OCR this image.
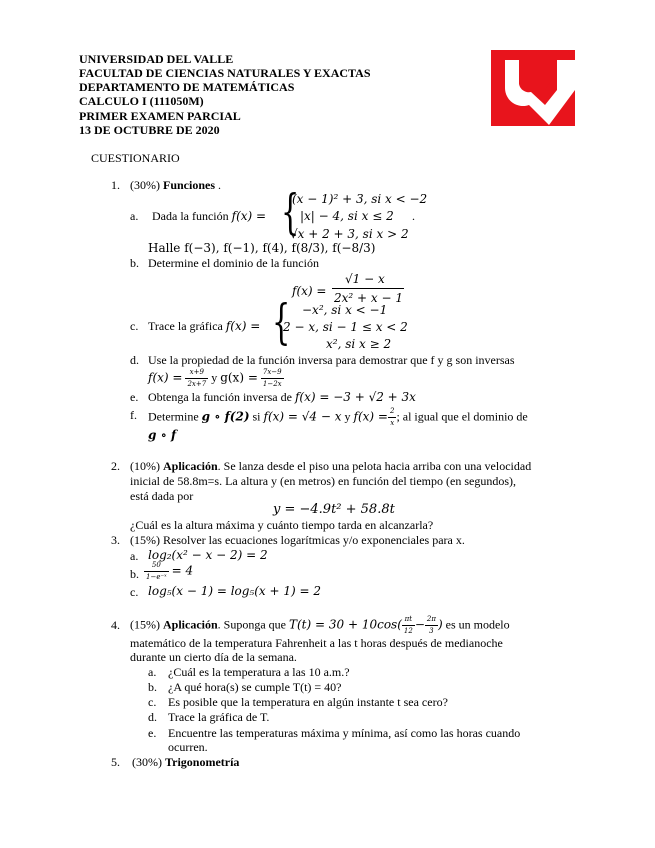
UNIVERSIDAD DEL VALLE
FACULTAD DE CIENCIAS NATURALES Y EXACTAS
DEPARTAMENTO DE MATEMÁTICAS
CALCULO I (111050M)
PRIMER EXAMEN PARCIAL
13 DE OCTUBRE DE 2020
CUESTIONARIO
1. (30%) Funciones .
a. Dada la función f(x) = {
(x − 1)² + 3, si x < −2
|x| − 4, si x ≤ 2
√x + 2 + 3, si x > 2
.
Halle f(−3), f(−1), f(4), f(8/3), f(−8/3)
b. Determine el dominio de la función
f(x) =
√1 − x
2x² + x − 1
c. Trace la gráfica f(x) = { −x², si x < −1
2 − x, si − 1 ≤ x < 2
x², si x ≥ 2
d. Use la propiedad de la función inversa para demostrar que f y g son inversas
$f(x) = \frac{x+9}{2x+7}$ y $g(x) = \frac{7x-9}{1-2x}$
e. Obtenga la función inversa de f(x) = −3 + √2 + 3x
f. Determine g ∘ f(2) si f(x) = √4 − x y $f(x) = \frac{2}{x}$ ; al igual que el dominio de
g ∘ f
2. (10%) Aplicación. Se lanza desde el piso una pelota hacia arriba con una velocidad
inicial de 58.8m=s. La altura y (en metros) en función del tiempo (en segundos),
está dada por
y = −4.9t² + 58.8t
¿Cuál es la altura máxima y cuánto tiempo tarda en alcanzarla?
3. (15%) Resolver las ecuaciones logarítmicas y/o exponenciales para x.
a. log₂(x² − x − 2) = 2
b. $\frac{50}{\text{1−e⁻ˣ}} = 4$
c. log₅(x − 1) = log₅(x + 1) = 2
4. (15%) Aplicación. Suponga que $T(t) = 30 + 10\cos( \frac{\pi t}{12} - \frac{2\pi}{3}$ ) es un modelo
matemático de la temperatura Fahrenheit a las t horas después de medianoche
durante un cierto día de la semana.
a. ¿Cuál es la temperatura a las 10 a.m.?
b. ¿A qué hora(s) se cumple T(t) = 40?
c. Es posible que la temperatura en algún instante t sea cero?
d. Trace la gráfica de T.
e. Encuentre las temperaturas máxima y mínima, así como las horas cuando
ocurren.
5. (30%) Trigonometría
